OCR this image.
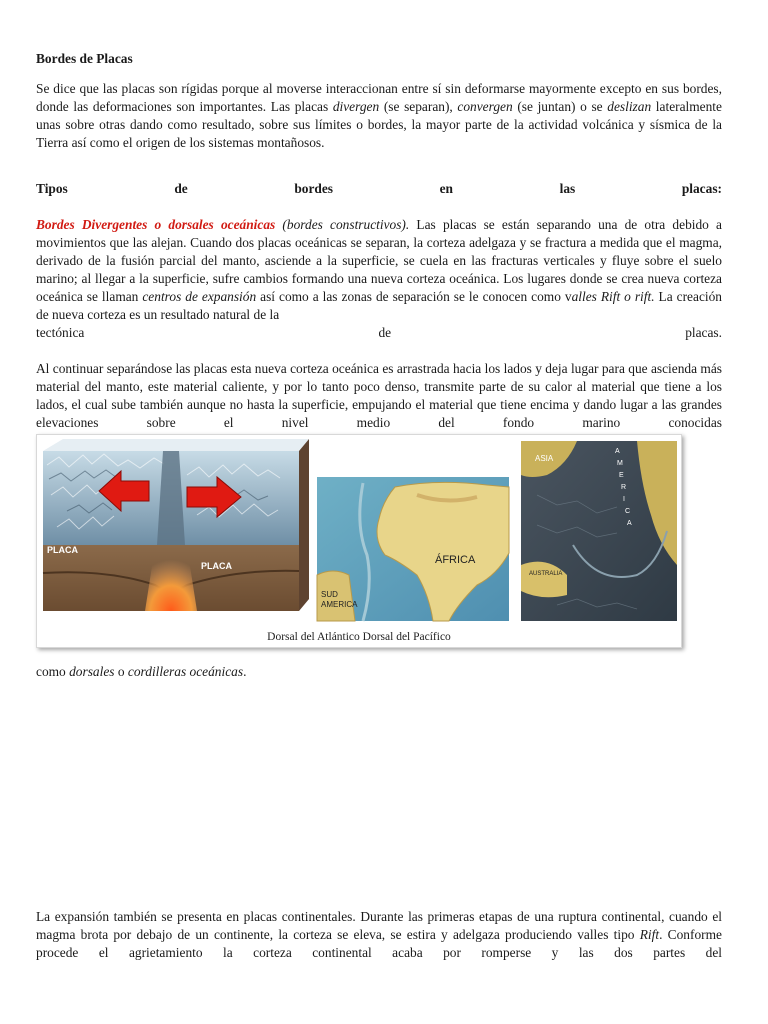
Bordes de Placas

Se dice que las placas son rígidas porque al moverse interaccionan entre sí sin deformarse mayormente excepto en sus bordes, donde las deformaciones son importantes. Las placas divergen (se separan), convergen (se juntan) o se deslizan lateralmente unas sobre otras dando como resultado, sobre sus límites o bordes, la mayor parte de la actividad volcánica y sísmica de la Tierra así como el origen de los sistemas montañosos.

Tipos	de	bordes	en	las	placas:

Bordes Divergentes o dorsales oceánicas (bordes constructivos). Las placas se están separando una de otra debido a movimientos que las alejan. Cuando dos placas oceánicas se separan, la corteza adelgaza y se fractura a medida que el magma, derivado de la fusión parcial del manto, asciende a la superficie, se cuela en las fracturas verticales y fluye sobre el suelo marino; al llegar a la superficie, sufre cambios formando una nueva corteza oceánica. Los lugares donde se crea nueva corteza oceánica se llaman centros de expansión así como a las zonas de separación se le conocen como valles Rift o rift. La creación de nueva corteza es un resultado natural de la

tectónica	de	placas.

Al continuar separándose las placas esta nueva corteza oceánica es arrastrada hacia los lados y deja lugar para que ascienda más material del manto, este material caliente, y por lo tanto poco denso, transmite parte de su calor al material que tiene a los lados, el cual sube también aunque no hasta la superficie, empujando el material que tiene encima y dando lugar a las grandes elevaciones sobre el nivel medio del fondo marino conocidas

PLACA
PLACA	ÁFRICA
SUD
AMERICA
ASIA
AUSTRALIA
A
M
E
R
I
C
A
Dorsal del Atlántico Dorsal del Pacífico

como dorsales o cordilleras oceánicas.

La expansión también se presenta en placas continentales. Durante las primeras etapas de una ruptura continental, cuando el magma brota por debajo de un continente, la corteza se eleva, se estira y adelgaza produciendo valles tipo Rift. Conforme procede el agrietamiento la corteza continental acaba por romperse y las dos partes del
